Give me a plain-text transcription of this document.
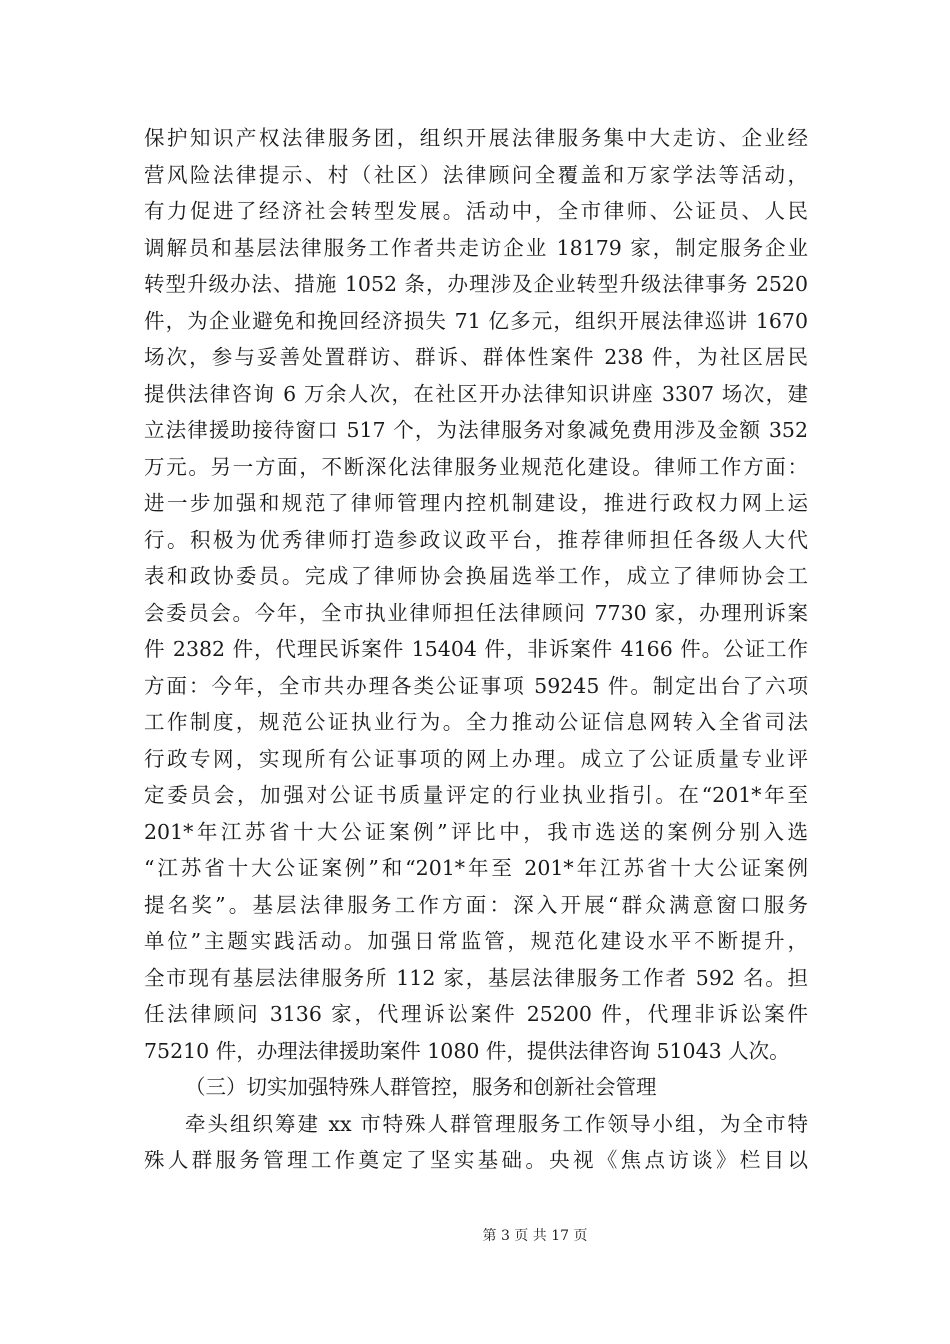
保护知识产权法律服务团，组织开展法律服务集中大走访、企业经
营风险法律提示、村（社区）法律顾问全覆盖和万家学法等活动，
有力促进了经济社会转型发展。活动中，全市律师、公证员、人民
调解员和基层法律服务工作者共走访企业 18179 家，制定服务企业
转型升级办法、措施 1052 条，办理涉及企业转型升级法律事务 2520
件，为企业避免和挽回经济损失 71 亿多元，组织开展法律巡讲 1670
场次，参与妥善处置群访、群诉、群体性案件 238 件，为社区居民
提供法律咨询 6 万余人次，在社区开办法律知识讲座 3307 场次，建
立法律援助接待窗口 517 个，为法律服务对象减免费用涉及金额 352
万元。另一方面，不断深化法律服务业规范化建设。律师工作方面：
进一步加强和规范了律师管理内控机制建设，推进行政权力网上运
行。积极为优秀律师打造参政议政平台，推荐律师担任各级人大代
表和政协委员。完成了律师协会换届选举工作，成立了律师协会工
会委员会。今年，全市执业律师担任法律顾问 7730 家，办理刑诉案
件 2382 件，代理民诉案件 15404 件，非诉案件 4166 件。公证工作
方面：今年，全市共办理各类公证事项 59245 件。制定出台了六项
工作制度，规范公证执业行为。全力推动公证信息网转入全省司法
行政专网，实现所有公证事项的网上办理。成立了公证质量专业评
定委员会，加强对公证书质量评定的行业执业指引。在“201*年至
201*年江苏省十大公证案例”评比中，我市选送的案例分别入选
“江苏省十大公证案例”和“201*年至 201*年江苏省十大公证案例
提名奖”。基层法律服务工作方面：深入开展“群众满意窗口服务
单位”主题实践活动。加强日常监管，规范化建设水平不断提升，
全市现有基层法律服务所 112 家，基层法律服务工作者 592 名。担
任法律顾问 3136 家，代理诉讼案件 25200 件，代理非诉讼案件
75210 件，办理法律援助案件 1080 件，提供法律咨询 51043 人次。
（三）切实加强特殊人群管控，服务和创新社会管理
牵头组织筹建 xx 市特殊人群管理服务工作领导小组，为全市特
殊人群服务管理工作奠定了坚实基础。央视《焦点访谈》栏目以
第 3 页 共 17 页
